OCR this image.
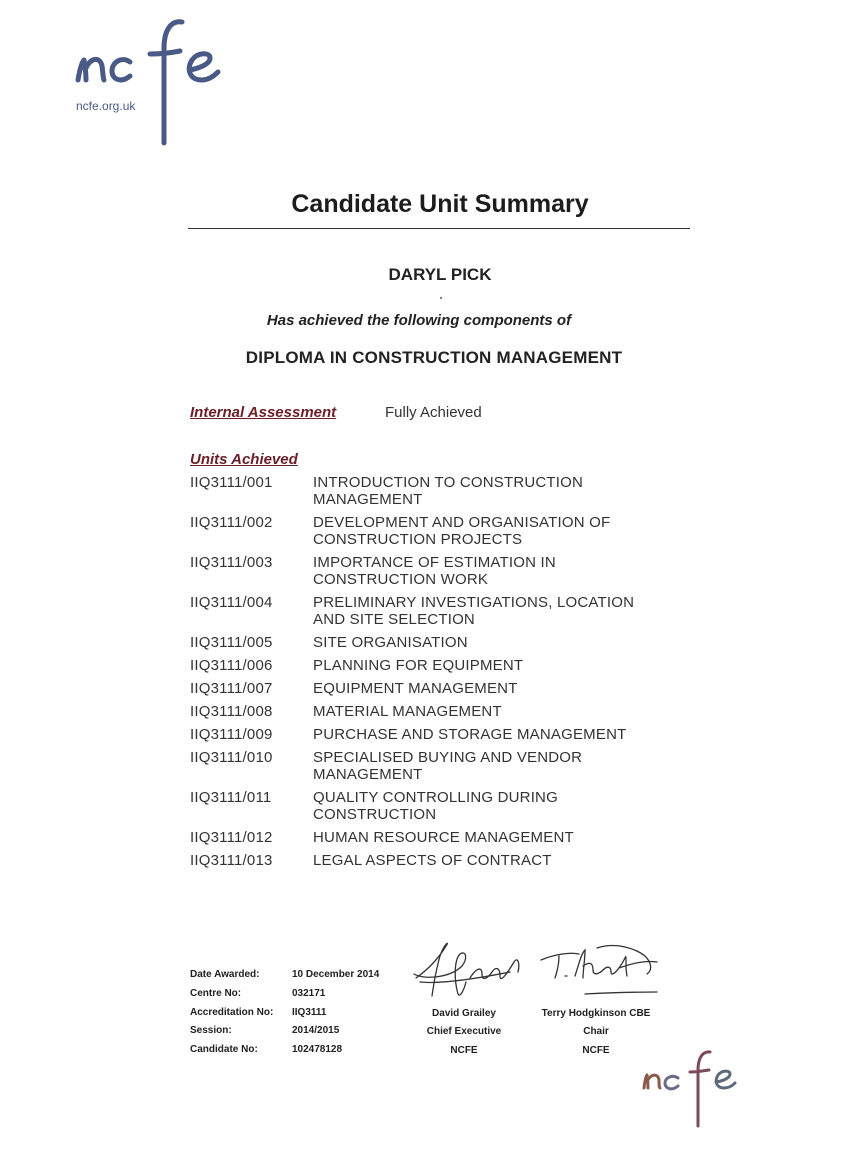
ncfe.org.uk
Candidate Unit Summary
DARYL PICK
Has achieved the following components of
DIPLOMA IN CONSTRUCTION MANAGEMENT
Internal Assessment	Fully Achieved
Units Achieved
IIQ3111/001	INTRODUCTION TO CONSTRUCTION MANAGEMENT
IIQ3111/002	DEVELOPMENT AND ORGANISATION OF CONSTRUCTION PROJECTS
IIQ3111/003	IMPORTANCE OF ESTIMATION IN CONSTRUCTION WORK
IIQ3111/004	PRELIMINARY INVESTIGATIONS, LOCATION AND SITE SELECTION
IIQ3111/005	SITE ORGANISATION
IIQ3111/006	PLANNING FOR EQUIPMENT
IIQ3111/007	EQUIPMENT MANAGEMENT
IIQ3111/008	MATERIAL MANAGEMENT
IIQ3111/009	PURCHASE AND STORAGE MANAGEMENT
IIQ3111/010	SPECIALISED BUYING AND VENDOR MANAGEMENT
IIQ3111/011	QUALITY CONTROLLING DURING CONSTRUCTION
IIQ3111/012	HUMAN RESOURCE MANAGEMENT
IIQ3111/013	LEGAL ASPECTS OF CONTRACT
Date Awarded:	10 December 2014
Centre No:	032171
Accreditation No: IIQ3111
Session:	2014/2015
Candidate No:	102478128
David Grailey
Chief Executive
NCFE
Terry Hodgkinson CBE
Chair
NCFE
